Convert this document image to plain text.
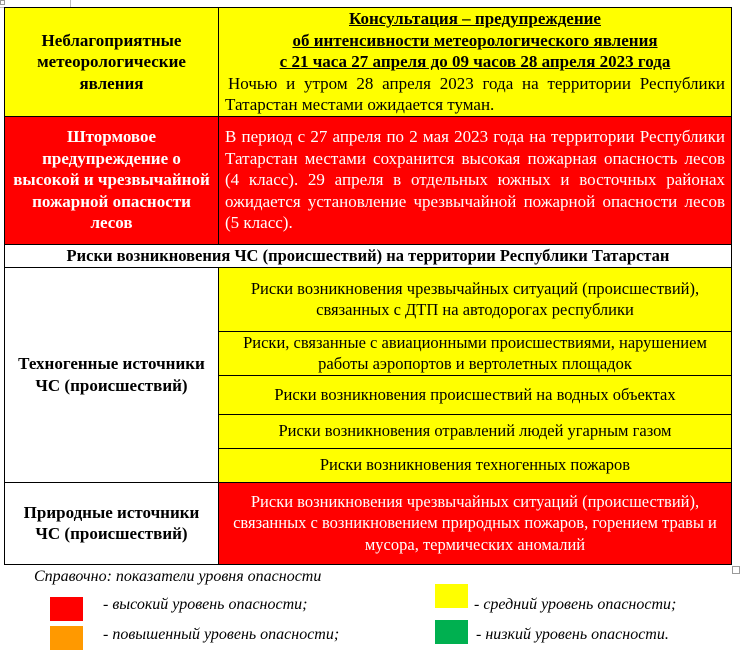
Неблагоприятные метеорологические явления	Консультация – предупреждение
об интенсивности метеорологического явления
с 21 часа 27 апреля до 09 часов 28 апреля 2023 года
Ночью и утром 28 апреля 2023 года на территории Республики Татарстан местами ожидается туман.

Штормовое предупреждение о высокой и чрезвычайной пожарной опасности лесов	В период с 27 апреля по 2 мая 2023 года на территории Республики Татарстан местами сохранится высокая пожарная опасность лесов (4 класс). 29 апреля в отдельных южных и восточных районах ожидается установление чрезвычайной пожарной опасности лесов (5 класс).
Риски возникновения ЧС (происшествий) на территории Республики Татарстан	
Техногенные источники ЧС (происшествий)	Риски возникновения чрезвычайных ситуаций (происшествий), связанных с ДТП на автодорогах республики
	Риски, связанные с авиационными происшествиями, нарушением работы аэропортов и вертолетных площадок
	Риски возникновения происшествий на водных объектах
	Риски возникновения отравлений людей угарным газом
	Риски возникновения техногенных пожаров
Природные источники ЧС (происшествий)	Риски возникновения чрезвычайных ситуаций (происшествий), связанных с возникновением природных пожаров, горением травы и мусора, термических аномалий
Справочно: показатели уровня опасности
- высокий уровень опасности;
- повышенный уровень опасности;
- средний уровень опасности;
- низкий уровень опасности.
